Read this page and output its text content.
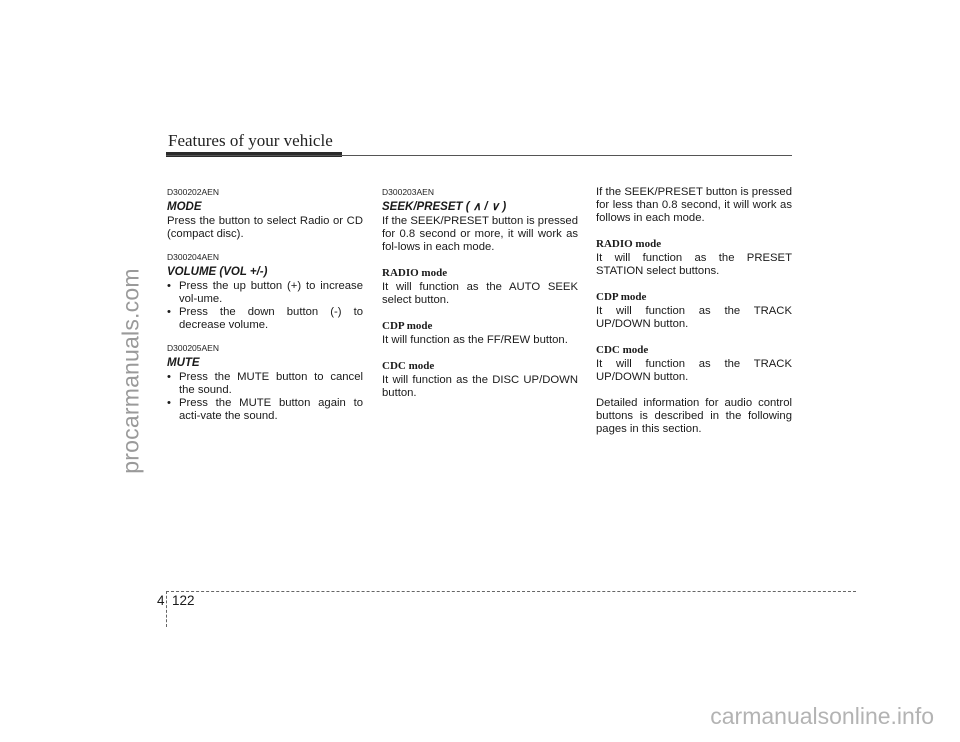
procarmanuals.com
carmanualsonline.info
Features of your vehicle
D300202AEN
MODE

Press the button to select Radio or CD (compact disc).

D300204AEN
VOLUME (VOL +/-)
• Press the up button (+) to increase vol-ume.
• Press the down button (-) to decrease volume.
D300205AEN
MUTE
• Press the MUTE button to cancel the sound.
• Press the MUTE button again to acti-vate the sound.
D300203AEN
SEEK/PRESET ( ∧ / ∨ )

If the SEEK/PRESET button is pressed for 0.8 second or more, it will work as fol-lows in each mode.

RADIO mode

It will function as the AUTO SEEK select button.

CDP mode

It will function as the FF/REW button.

CDC mode

It will function as the DISC UP/DOWN button.

If the SEEK/PRESET button is pressed for less than 0.8 second, it will work as follows in each mode.

RADIO mode

It will function as the PRESET STATION select buttons.

CDP mode

It will function as the TRACK UP/DOWN button.

CDC mode

It will function as the TRACK UP/DOWN button.

Detailed information for audio control buttons is described in the following pages in this section.

4 122
